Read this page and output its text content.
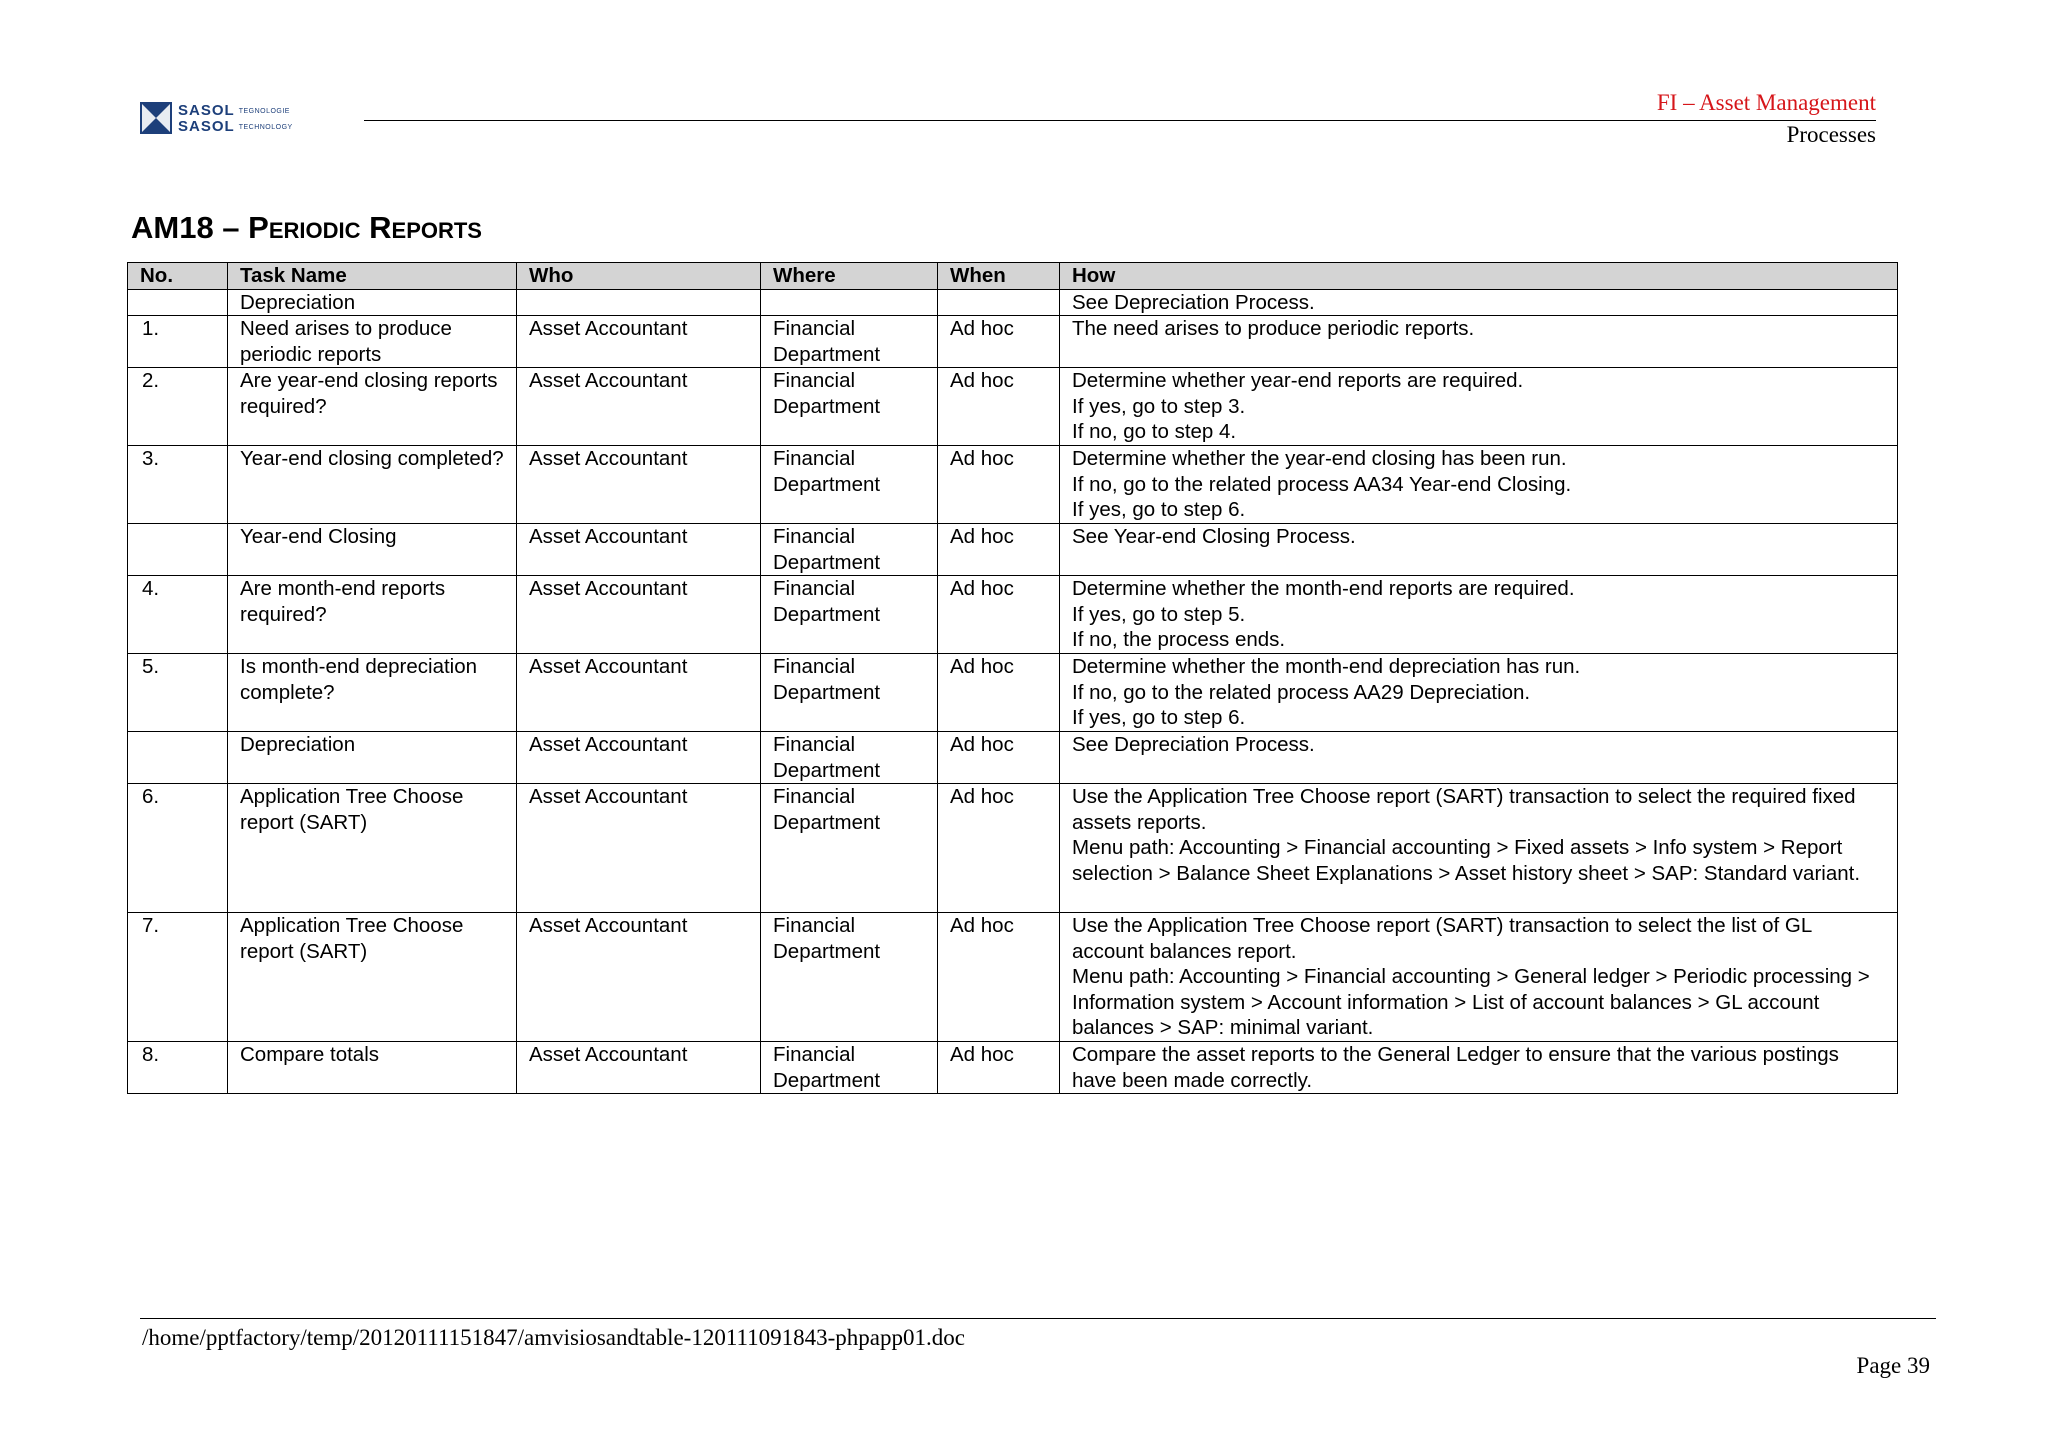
SASOL TEGNOLOGIE
SASOL TECHNOLOGY
FI – Asset Management
Processes
AM18 – Periodic Reports
No.	Task Name	Who	Where	When	How
	Depreciation				See Depreciation Process.
1.	Need arises to produce periodic reports	Asset Accountant	Financial Department	Ad hoc	The need arises to produce periodic reports.
2.	Are year-end closing reports required?	Asset Accountant	Financial Department	Ad hoc	Determine whether year-end reports are required.
If yes, go to step 3.
If no, go to step 4.
3.	Year-end closing completed?	Asset Accountant	Financial Department	Ad hoc	Determine whether the year-end closing has been run.
If no, go to the related process AA34 Year-end Closing.
If yes, go to step 6.
	Year-end Closing	Asset Accountant	Financial Department	Ad hoc	See Year-end Closing Process.
4.	Are month-end reports required?	Asset Accountant	Financial Department	Ad hoc	Determine whether the month-end reports are required.
If yes, go to step 5.
If no, the process ends.
5.	Is month-end depreciation complete?	Asset Accountant	Financial Department	Ad hoc	Determine whether the month-end depreciation has run.
If no, go to the related process AA29 Depreciation.
If yes, go to step 6.
	Depreciation	Asset Accountant	Financial Department	Ad hoc	See Depreciation Process.
6.	Application Tree Choose report (SART)	Asset Accountant	Financial Department	Ad hoc	Use the Application Tree Choose report (SART) transaction to select the required fixed assets reports.
Menu path: Accounting > Financial accounting > Fixed assets > Info system > Report selection > Balance Sheet Explanations > Asset history sheet > SAP: Standard variant.
7.	Application Tree Choose report (SART)	Asset Accountant	Financial Department	Ad hoc	Use the Application Tree Choose report (SART) transaction to select the list of GL account balances report.
Menu path: Accounting > Financial accounting > General ledger > Periodic processing > Information system > Account information > List of account balances > GL account balances > SAP: minimal variant.
8.	Compare totals	Asset Accountant	Financial Department	Ad hoc	Compare the asset reports to the General Ledger to ensure that the various postings have been made correctly.
/home/pptfactory/temp/20120111151847/amvisiosandtable-120111091843-phpapp01.doc
Page 39
